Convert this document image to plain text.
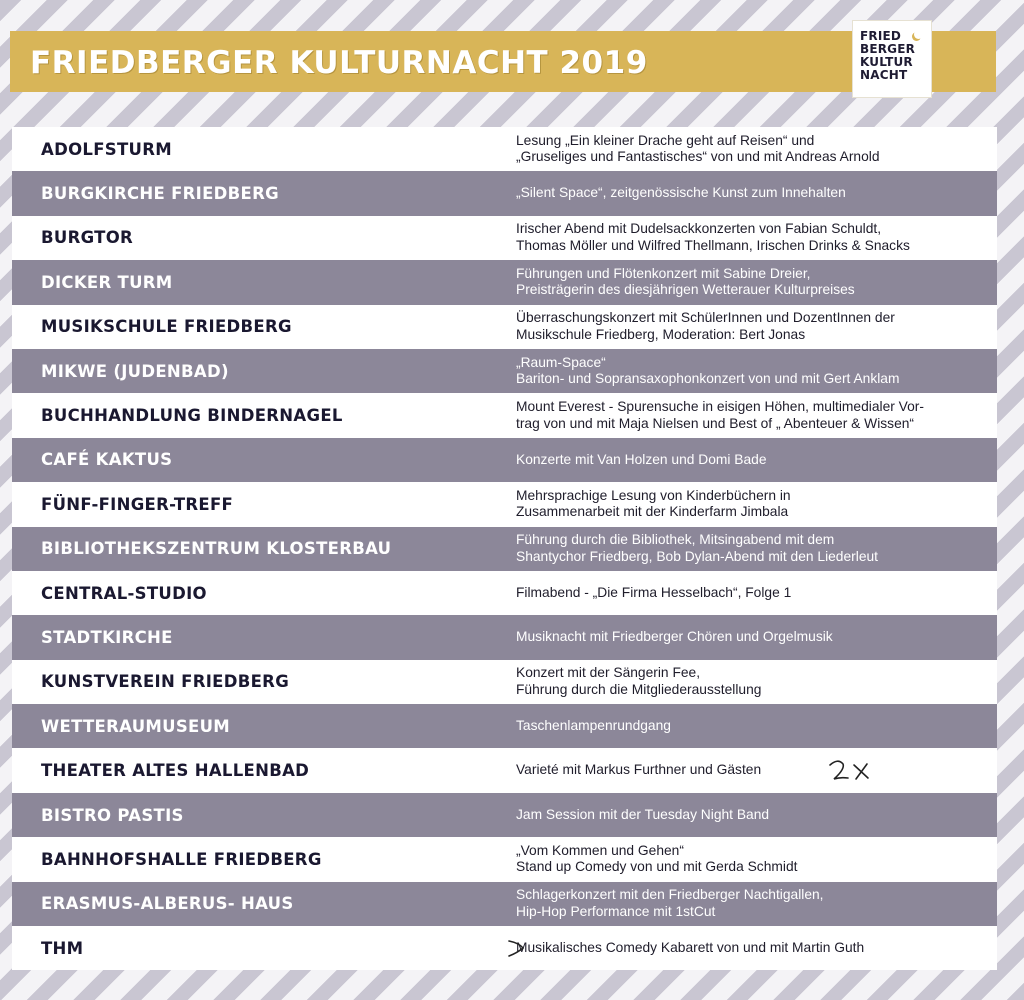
FRIEDBERGER KULTURNACHT 2019
FRIED
BERGER
KULTUR
NACHT
ADOLFSTURM	Lesung „Ein kleiner Drache geht auf Reisen“ und
„Gruseliges und Fantastisches“ von und mit Andreas Arnold
BURGKIRCHE FRIEDBERG	„Silent Space“, zeitgenössische Kunst zum Innehalten
BURGTOR	Irischer Abend mit Dudelsackkonzerten von Fabian Schuldt,
Thomas Möller und Wilfred Thellmann, Irischen Drinks & Snacks
DICKER TURM	Führungen und Flötenkonzert mit Sabine Dreier,
Preisträgerin des diesjährigen Wetterauer Kulturpreises
MUSIKSCHULE FRIEDBERG	Überraschungskonzert mit SchülerInnen und DozentInnen der
Musikschule Friedberg, Moderation: Bert Jonas
MIKWE (JUDENBAD)	„Raum-Space“
Bariton- und Sopransaxophonkonzert von und mit Gert Anklam
BUCHHANDLUNG BINDERNAGEL	Mount Everest - Spurensuche in eisigen Höhen, multimedialer Vor-
trag von und mit Maja Nielsen und Best of „ Abenteuer & Wissen“
CAFÉ KAKTUS	Konzerte mit Van Holzen und Domi Bade
FÜNF-FINGER-TREFF	Mehrsprachige Lesung von Kinderbüchern in
Zusammenarbeit mit der Kinderfarm Jimbala
BIBLIOTHEKSZENTRUM KLOSTERBAU	Führung durch die Bibliothek, Mitsingabend mit dem
Shantychor Friedberg, Bob Dylan-Abend mit den Liederleut
CENTRAL-STUDIO	Filmabend - „Die Firma Hesselbach“, Folge 1
STADTKIRCHE	Musiknacht mit Friedberger Chören und Orgelmusik
KUNSTVEREIN FRIEDBERG	Konzert mit der Sängerin Fee,
Führung durch die Mitgliederausstellung
WETTERAUMUSEUM	Taschenlampenrundgang
THEATER ALTES HALLENBAD	Varieté mit Markus Furthner und Gästen
BISTRO PASTIS	Jam Session mit der Tuesday Night Band
BAHNHOFSHALLE FRIEDBERG	„Vom Kommen und Gehen“
Stand up Comedy von und mit Gerda Schmidt
ERASMUS-ALBERUS- HAUS	Schlagerkonzert mit den Friedberger Nachtigallen,
Hip-Hop Performance mit 1stCut
THM	Musikalisches Comedy Kabarett von und mit Martin Guth
